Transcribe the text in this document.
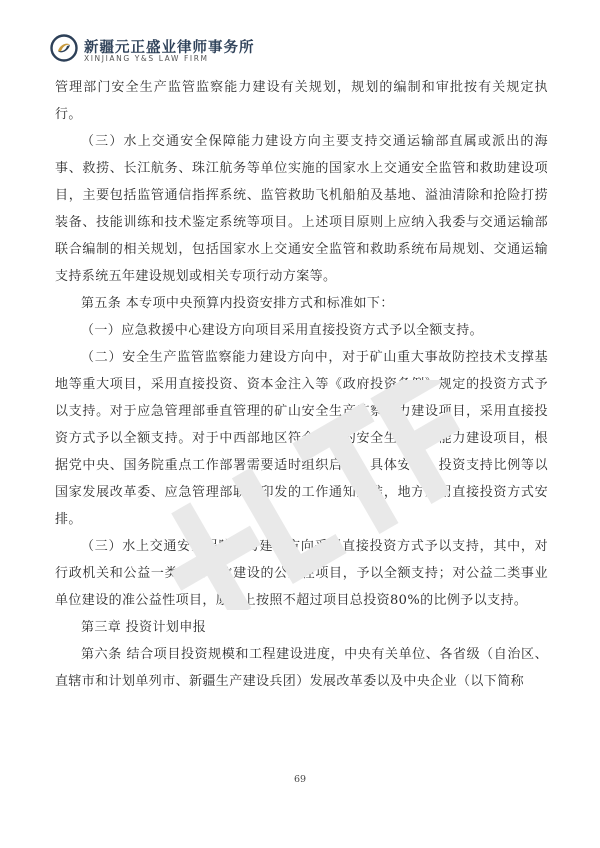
新疆元正盛业律师事务所
XINJIANG Y&S LAW FIRM

管理部门安全生产监管监察能力建设有关规划，规划的编制和审批按有关规定执行。

（三）水上交通安全保障能力建设方向主要支持交通运输部直属或派出的海事、救捞、长江航务、珠江航务等单位实施的国家水上交通安全监管和救助建设项目，主要包括监管通信指挥系统、监管救助飞机船舶及基地、溢油清除和抢险打捞装备、技能训练和技术鉴定系统等项目。上述项目原则上应纳入我委与交通运输部联合编制的相关规划，包括国家水上交通安全监管和救助系统布局规划、交通运输支持系统五年建设规划或相关专项行动方案等。

第五条 本专项中央预算内投资安排方式和标准如下：

（一）应急救援中心建设方向项目采用直接投资方式予以全额支持。

（二）安全生产监管监察能力建设方向中，对于矿山重大事故防控技术支撑基地等重大项目，采用直接投资、资本金注入等《政府投资条例》规定的投资方式予以支持。对于应急管理部垂直管理的矿山安全生产监察能力建设项目，采用直接投资方式予以全额支持。对于中西部地区符合条件的安全生产监管能力建设项目，根据党中央、国务院重点工作部署需要适时组织启动，具体安排、投资支持比例等以国家发展改革委、应急管理部联合印发的工作通知为准，地方采用直接投资方式安排。

（三）水上交通安全保障能力建设方向采用直接投资方式予以支持，其中，对行政机关和公益一类事业单位建设的公益性项目，予以全额支持；对公益二类事业单位建设的准公益性项目，原则上按照不超过项目总投资80%的比例予以支持。

第三章 投资计划申报

第六条 结合项目投资规模和工程建设进度，中央有关单位、各省级（自治区、直辖市和计划单列市、新疆生产建设兵团）发展改革委以及中央企业（以下简称

69
